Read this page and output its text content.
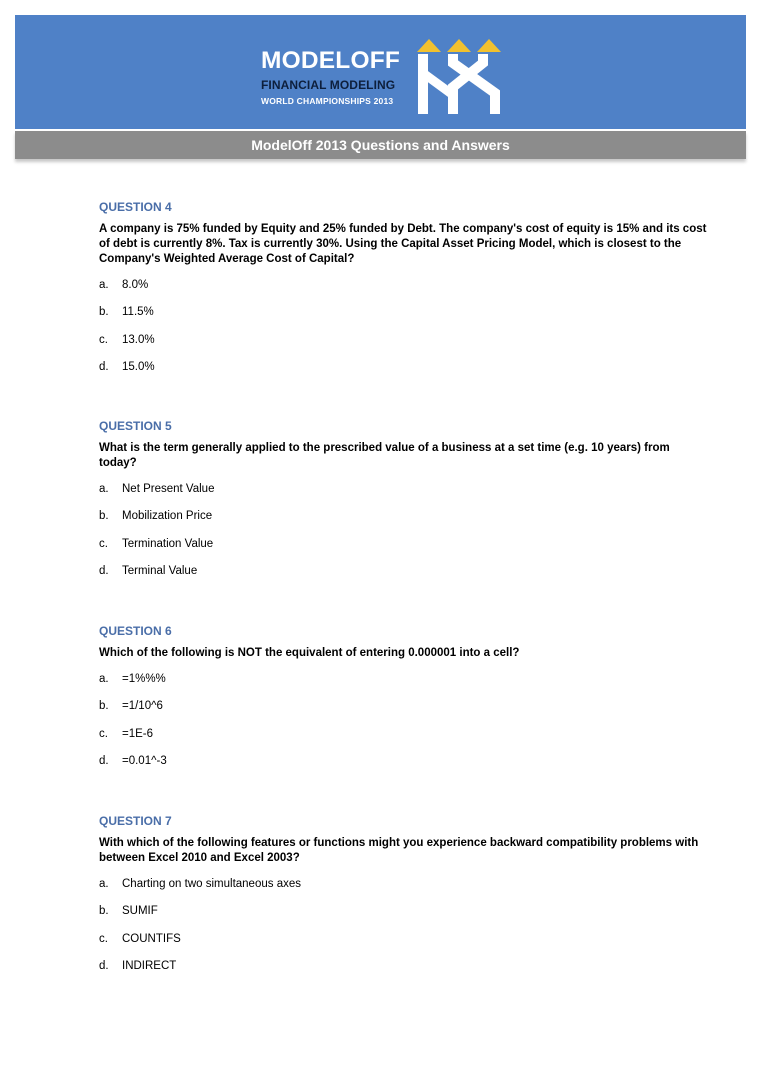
MODELOFF
FINANCIAL MODELING
WORLD CHAMPIONSHIPS 2013
ModelOff 2013 Questions and Answers
QUESTION 4
A company is 75% funded by Equity and 25% funded by Debt. The company's cost of equity is 15% and its cost of debt is currently 8%. Tax is currently 30%. Using the Capital Asset Pricing Model, which is closest to the Company's Weighted Average Cost of Capital?
a. 8.0%
b. 11.5%
c. 13.0%
d. 15.0%
QUESTION 5
What is the term generally applied to the prescribed value of a business at a set time (e.g. 10 years) from today?
a. Net Present Value
b. Mobilization Price
c. Termination Value
d. Terminal Value
QUESTION 6
Which of the following is NOT the equivalent of entering 0.000001 into a cell?
a. =1%%%
b. =1/10^6
c. =1E-6
d. =0.01^-3
QUESTION 7
With which of the following features or functions might you experience backward compatibility problems with between Excel 2010 and Excel 2003?
a. Charting on two simultaneous axes
b. SUMIF
c. COUNTIFS
d. INDIRECT
